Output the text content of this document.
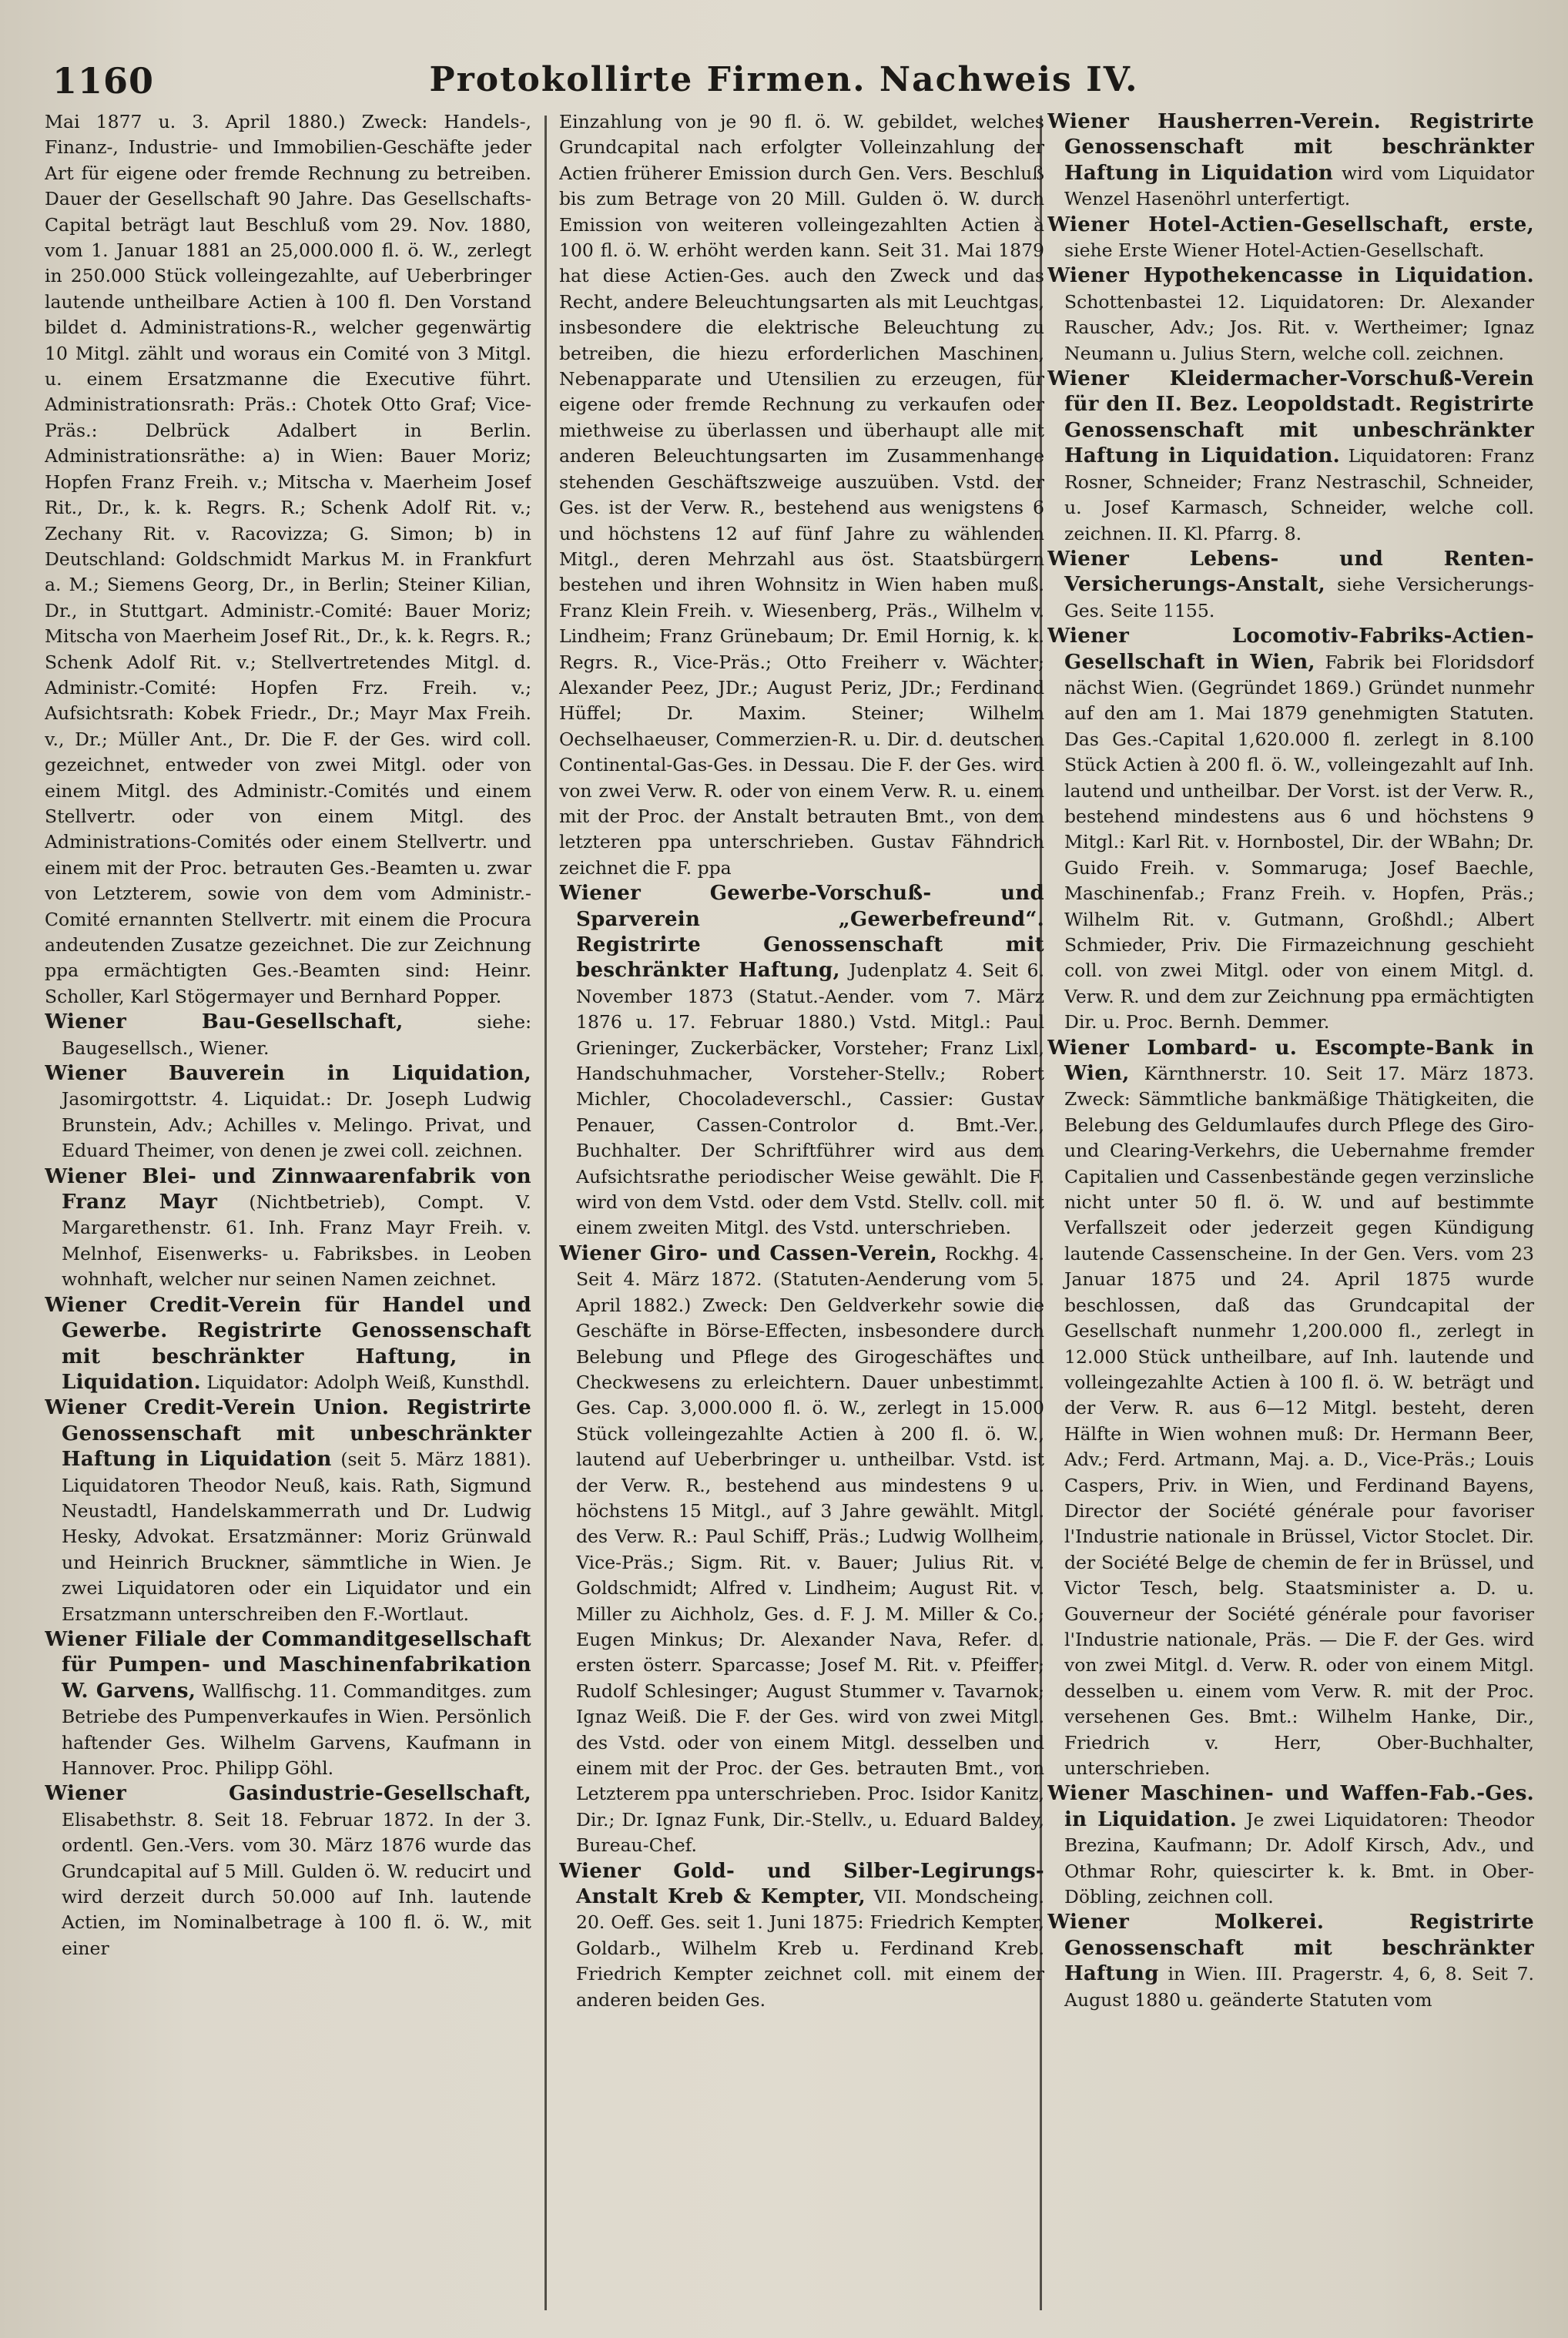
1160	Protokollirte Firmen. Nachweis IV.

Mai 1877 u. 3. April 1880.) Zweck: Handels-, Finanz-, Industrie- und Immobilien-Geschäfte jeder Art für eigene oder fremde Rechnung zu betreiben. Dauer der Gesellschaft 90 Jahre. Das Gesellschafts-Capital beträgt laut Beschluß vom 29. Nov. 1880, vom 1. Januar 1881 an 25,000.000 fl. ö. W., zerlegt in 250.000 Stück volleingezahlte, auf Ueberbringer lautende untheilbare Actien à 100 fl. Den Vorstand bildet d. Administrations-R., welcher gegenwärtig 10 Mitgl. zählt und woraus ein Comité von 3 Mitgl. u. einem Ersatzmanne die Executive führt. Administrationsrath: Präs.: Chotek Otto Graf; Vice-Präs.: Delbrück Adalbert in Berlin. Administrationsräthe: a) in Wien: Bauer Moriz; Hopfen Franz Freih. v.; Mitscha v. Maerheim Josef Rit., Dr., k. k. Regrs. R.; Schenk Adolf Rit. v.; Zechany Rit. v. Racovizza; G. Simon; b) in Deutschland: Goldschmidt Markus M. in Frankfurt a. M.; Siemens Georg, Dr., in Berlin; Steiner Kilian, Dr., in Stuttgart. Administr.-Comité: Bauer Moriz; Mitscha von Maerheim Josef Rit., Dr., k. k. Regrs. R.; Schenk Adolf Rit. v.; Stellvertretendes Mitgl. d. Administr.-Comité: Hopfen Frz. Freih. v.; Aufsichtsrath: Kobek Friedr., Dr.; Mayr Max Freih. v., Dr.; Müller Ant., Dr. Die F. der Ges. wird coll. gezeichnet, entweder von zwei Mitgl. oder von einem Mitgl. des Administr.-Comités und einem Stellvertr. oder von einem Mitgl. des Administrations-Comités oder einem Stellvertr. und einem mit der Proc. betrauten Ges.-Beamten u. zwar von Letzterem, sowie von dem vom Administr.-Comité ernannten Stellvertr. mit einem die Procura andeutenden Zusatze gezeichnet. Die zur Zeichnung ppa ermächtigten Ges.-Beamten sind: Heinr. Scholler, Karl Stögermayer und Bernhard Popper.

Wiener Bau-Gesellschaft,	siehe: Baugesellsch., Wiener.

Wiener Bauverein in Liquidation, Jasomirgottstr. 4. Liquidat.: Dr. Joseph Ludwig Brunstein, Adv.; Achilles v. Melingo. Privat, und Eduard Theimer, von denen je zwei coll. zeichnen.

Wiener Blei- und Zinnwaarenfabrik von Franz Mayr (Nichtbetrieb), Compt. V. Margarethenstr. 61. Inh. Franz Mayr Freih. v. Melnhof, Eisenwerks- u. Fabriksbes. in Leoben wohnhaft, welcher nur seinen Namen zeichnet.

Wiener Credit-Verein für Handel und Gewerbe. Registrirte Genossenschaft mit beschränkter Haftung, in Liquidation. Liquidator: Adolph Weiß, Kunsthdl.

Wiener Credit-Verein Union. Registrirte Genossenschaft mit unbeschränkter Haftung in Liquidation (seit 5. März 1881). Liquidatoren Theodor Neuß, kais. Rath, Sigmund Neustadtl, Handelskammerrath und Dr. Ludwig Hesky, Advokat. Ersatzmänner: Moriz Grünwald und Heinrich Bruckner, sämmtliche in Wien. Je zwei Liquidatoren oder ein Liquidator und ein Ersatzmann unterschreiben den F.-Wortlaut.

Wiener Filiale der Commanditgesellschaft für Pumpen- und Maschinenfabrikation W. Garvens, Wallfischg. 11. Commanditges. zum Betriebe des Pumpenverkaufes in Wien. Persönlich haftender Ges. Wilhelm Garvens, Kaufmann in Hannover. Proc. Philipp Göhl.

Wiener Gasindustrie-Gesellschaft, Elisabethstr. 8. Seit 18. Februar 1872. In der 3. ordentl. Gen.-Vers. vom 30. März 1876 wurde das Grundcapital auf 5 Mill. Gulden ö. W. reducirt und wird derzeit durch 50.000 auf Inh. lautende Actien, im Nominalbetrage à 100 fl. ö. W., mit einer

Einzahlung von je 90 fl. ö. W. gebildet, welches Grundcapital nach erfolgter Volleinzahlung der Actien früherer Emission durch Gen. Vers. Beschluß bis zum Betrage von 20 Mill. Gulden ö. W. durch Emission von weiteren volleingezahlten Actien à 100 fl. ö. W. erhöht werden kann. Seit 31. Mai 1879 hat diese Actien-Ges. auch den Zweck und das Recht, andere Beleuchtungsarten als mit Leuchtgas, insbesondere die elektrische Beleuchtung zu betreiben, die hiezu erforderlichen Maschinen, Nebenapparate und Utensilien zu erzeugen, für eigene oder fremde Rechnung zu verkaufen oder miethweise zu überlassen und überhaupt alle mit anderen Beleuchtungsarten im Zusammenhange stehenden Geschäftszweige auszuüben. Vstd. der Ges. ist der Verw. R., bestehend aus wenigstens 6 und höchstens 12 auf fünf Jahre zu wählenden Mitgl., deren Mehrzahl aus öst. Staatsbürgern bestehen und ihren Wohnsitz in Wien haben muß. Franz Klein Freih. v. Wiesenberg, Präs., Wilhelm v. Lindheim; Franz Grünebaum; Dr. Emil Hornig, k. k. Regrs. R., Vice-Präs.; Otto Freiherr v. Wächter; Alexander Peez, JDr.; August Periz, JDr.; Ferdinand Hüffel; Dr. Maxim. Steiner; Wilhelm Oechselhaeuser, Commerzien-R. u. Dir. d. deutschen Continental-Gas-Ges. in Dessau. Die F. der Ges. wird von zwei Verw. R. oder von einem Verw. R. u. einem mit der Proc. der Anstalt betrauten Bmt., von dem letzteren ppa unterschrieben. Gustav Fähndrich zeichnet die F. ppa

Wiener Gewerbe-Vorschuß- und Sparverein „Gewerbefreund“. Registrirte Genossenschaft mit beschränkter Haftung, Judenplatz 4. Seit 6. November 1873 (Statut.-Aender. vom 7. März 1876 u. 17. Februar 1880.) Vstd. Mitgl.: Paul Grieninger, Zuckerbäcker, Vorsteher; Franz Lixl, Handschuhmacher, Vorsteher-Stellv.; Robert Michler, Chocoladeverschl., Cassier: Gustav Penauer, Cassen-Controlor d. Bmt.-Ver., Buchhalter. Der Schriftführer wird aus dem Aufsichtsrathe periodischer Weise gewählt. Die F. wird von dem Vstd. oder dem Vstd. Stellv. coll. mit einem zweiten Mitgl. des Vstd. unterschrieben.

Wiener Giro- und Cassen-Verein, Rockhg. 4. Seit 4. März 1872. (Statuten-Aenderung vom 5. April 1882.) Zweck: Den Geldverkehr sowie die Geschäfte in Börse-Effecten, insbesondere durch Belebung und Pflege des Girogeschäftes und Checkwesens zu erleichtern. Dauer unbestimmt. Ges. Cap. 3,000.000 fl. ö. W., zerlegt in 15.000 Stück volleingezahlte Actien à 200 fl. ö. W., lautend auf Ueberbringer u. untheilbar. Vstd. ist der Verw. R., bestehend aus mindestens 9 u. höchstens 15 Mitgl., auf 3 Jahre gewählt. Mitgl. des Verw. R.: Paul Schiff, Präs.; Ludwig Wollheim, Vice-Präs.; Sigm. Rit. v. Bauer; Julius Rit. v. Goldschmidt; Alfred v. Lindheim; August Rit. v. Miller zu Aichholz, Ges. d. F. J. M. Miller & Co.; Eugen Minkus; Dr. Alexander Nava, Refer. d. ersten österr. Sparcasse; Josef M. Rit. v. Pfeiffer; Rudolf Schlesinger; August Stummer v. Tavarnok; Ignaz Weiß. Die F. der Ges. wird von zwei Mitgl. des Vstd. oder von einem Mitgl. desselben und einem mit der Proc. der Ges. betrauten Bmt., von Letzterem ppa unterschrieben. Proc. Isidor Kanitz, Dir.; Dr. Ignaz Funk, Dir.-Stellv., u. Eduard Baldey, Bureau-Chef.

Wiener Gold- und Silber-Legirungs-Anstalt Kreb & Kempter, VII. Mondscheing. 20. Oeff. Ges. seit 1. Juni 1875: Friedrich Kempter, Goldarb., Wilhelm Kreb u. Ferdinand Kreb. Friedrich Kempter zeichnet coll. mit einem der anderen beiden Ges.

Wiener Hausherren-Verein. Registrirte Genossenschaft mit beschränkter Haftung in Liquidation wird vom Liquidator Wenzel Hasenöhrl unterfertigt.

Wiener Hotel-Actien-Gesellschaft, erste, siehe Erste Wiener Hotel-Actien-Gesellschaft.

Wiener Hypothekencasse in Liquidation. Schottenbastei 12. Liquidatoren: Dr. Alexander Rauscher, Adv.; Jos. Rit. v. Wertheimer; Ignaz Neumann u. Julius Stern, welche coll. zeichnen.

Wiener Kleidermacher-Vorschuß-Verein für den II. Bez. Leopoldstadt. Registrirte Genossenschaft mit unbeschränkter Haftung in Liquidation. Liquidatoren: Franz Rosner, Schneider; Franz Nestraschil, Schneider, u. Josef Karmasch, Schneider, welche coll. zeichnen. II. Kl. Pfarrg. 8.

Wiener Lebens- und Renten-Versicherungs-Anstalt, siehe Versicherungs-Ges. Seite 1155.

Wiener Locomotiv-Fabriks-Actien-Gesellschaft in Wien, Fabrik bei Floridsdorf nächst Wien. (Gegründet 1869.) Gründet nunmehr auf den am 1. Mai 1879 genehmigten Statuten. Das Ges.-Capital 1,620.000 fl. zerlegt in 8.100 Stück Actien à 200 fl. ö. W., volleingezahlt auf Inh. lautend und untheilbar. Der Vorst. ist der Verw. R., bestehend mindestens aus 6 und höchstens 9 Mitgl.: Karl Rit. v. Hornbostel, Dir. der WBahn; Dr. Guido Freih. v. Sommaruga; Josef Baechle, Maschinenfab.; Franz Freih. v. Hopfen, Präs.; Wilhelm Rit. v. Gutmann, Großhdl.; Albert Schmieder, Priv. Die Firmazeichnung geschieht coll. von zwei Mitgl. oder von einem Mitgl. d. Verw. R. und dem zur Zeichnung ppa ermächtigten Dir. u. Proc. Bernh. Demmer.

Wiener Lombard- u. Escompte-Bank in Wien, Kärnthnerstr. 10. Seit 17. März 1873. Zweck: Sämmtliche bankmäßige Thätigkeiten, die Belebung des Geldumlaufes durch Pflege des Giro- und Clearing-Verkehrs, die Uebernahme fremder Capitalien und Cassenbestände gegen verzinsliche nicht unter 50 fl. ö. W. und auf bestimmte Verfallszeit oder jederzeit gegen Kündigung lautende Cassenscheine. In der Gen. Vers. vom 23 Januar 1875 und 24. April 1875 wurde beschlossen, daß das Grundcapital der Gesellschaft nunmehr 1,200.000 fl., zerlegt in 12.000 Stück untheilbare, auf Inh. lautende und volleingezahlte Actien à 100 fl. ö. W. beträgt und der Verw. R. aus 6—12 Mitgl. besteht, deren Hälfte in Wien wohnen muß: Dr. Hermann Beer, Adv.; Ferd. Artmann, Maj. a. D., Vice-Präs.; Louis Caspers, Priv. in Wien, und Ferdinand Bayens, Director der Société générale pour favoriser l'Industrie nationale in Brüssel, Victor Stoclet. Dir. der Société Belge de chemin de fer in Brüssel, und Victor Tesch, belg. Staatsminister a. D. u. Gouverneur der Société générale pour favoriser l'Industrie nationale, Präs. — Die F. der Ges. wird von zwei Mitgl. d. Verw. R. oder von einem Mitgl. desselben u. einem vom Verw. R. mit der Proc. versehenen Ges. Bmt.: Wilhelm Hanke, Dir., Friedrich v. Herr, Ober-Buchhalter, unterschrieben.

Wiener Maschinen- und Waffen-Fab.-Ges. in Liquidation. Je zwei Liquidatoren: Theodor Brezina, Kaufmann; Dr. Adolf Kirsch, Adv., und Othmar Rohr, quiescirter k. k. Bmt. in Ober-Döbling, zeichnen coll.

Wiener Molkerei. Registrirte Genossenschaft mit beschränkter Haftung in Wien. III. Pragerstr. 4, 6, 8. Seit 7. August 1880 u. geänderte Statuten vom
